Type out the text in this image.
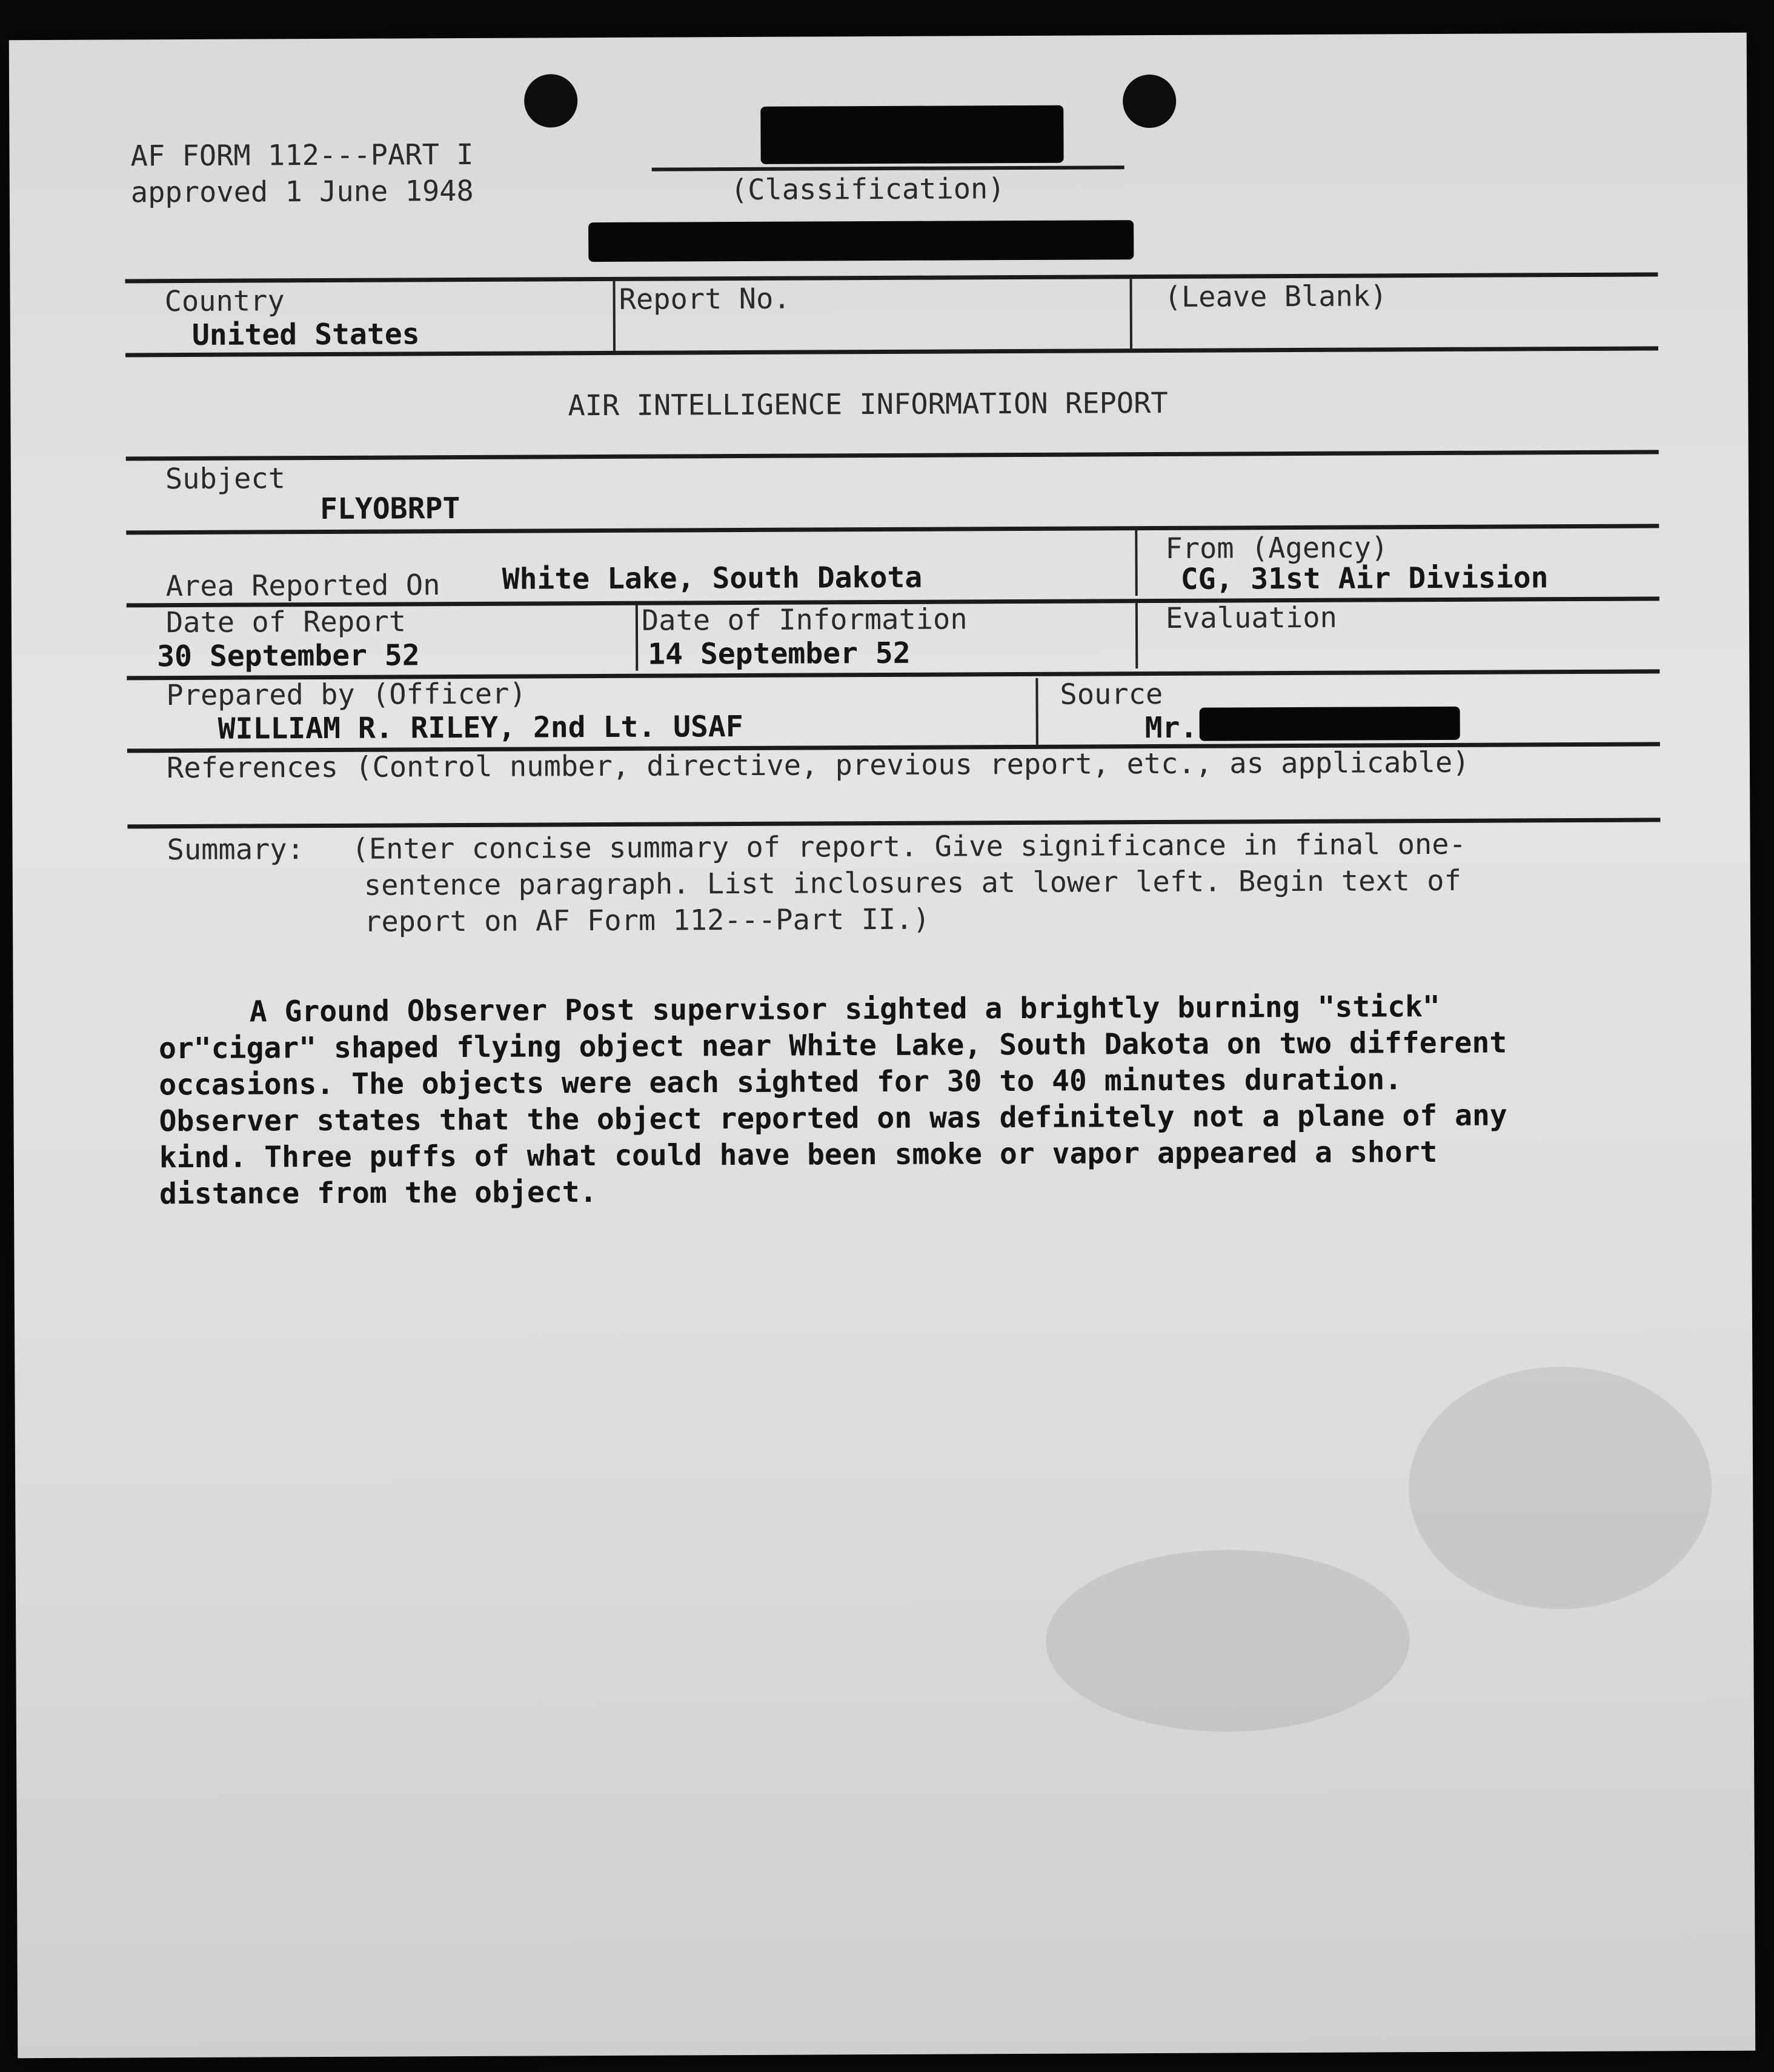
AF FORM 112---PART I
approved 1 June 1948	(Classification)
Country
United States
Report No.	(Leave Blank)
AIR INTELLIGENCE INFORMATION REPORT
Subject
FLYOBRPT
Area Reported On White Lake, South Dakota
From (Agency)
CG, 31st Air Division
Date of Report
30 September 52
Date of Information
14 September 52
Evaluation
Prepared by (Officer)
WILLIAM R. RILEY, 2nd Lt. USAF
Source
Mr.
References (Control number, directive, previous report, etc., as applicable)
Summary: (Enter concise summary of report. Give significance in final one-
sentence paragraph. List inclosures at lower left. Begin text of
report on AF Form 112---Part II.)

A Ground Observer Post supervisor sighted a brightly burning "stick" or"cigar" shaped flying object near White Lake, South Dakota on two different occasions. The objects were each sighted for 30 to 40 minutes duration. Observer states that the object reported on was definitely not a plane of any kind. Three puffs of what could have been smoke or vapor appeared a short distance from the object.
